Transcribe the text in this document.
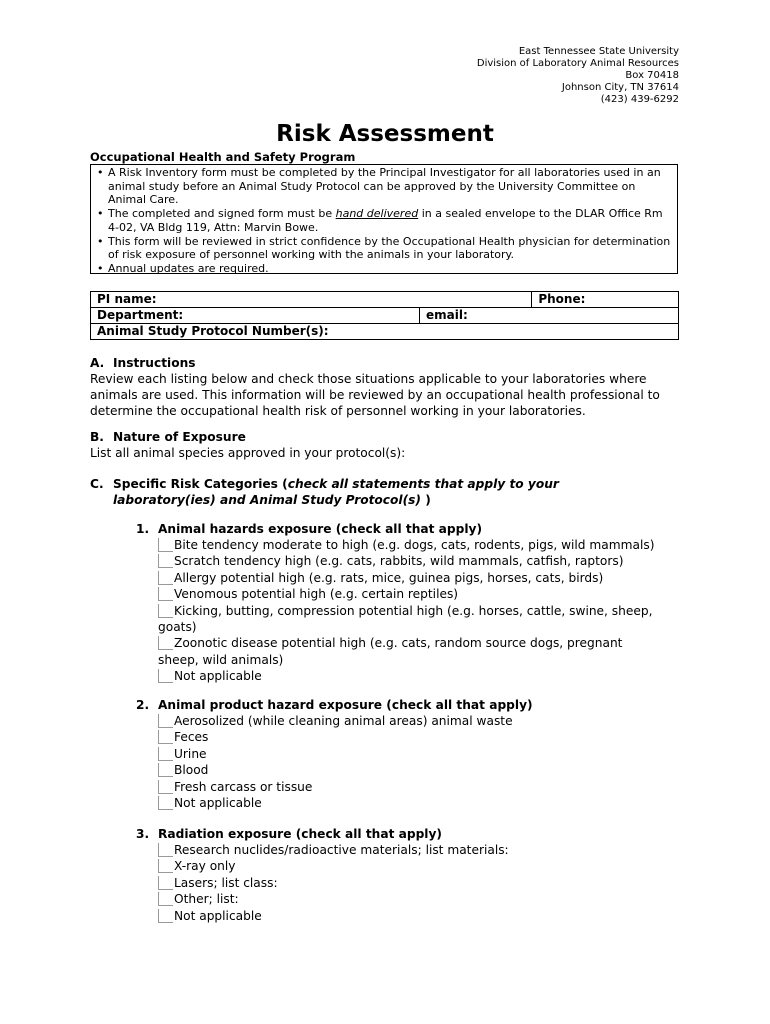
East Tennessee State University
Division of Laboratory Animal Resources
Box 70418
Johnson City, TN 37614
(423) 439-6292
Risk Assessment
Occupational Health and Safety Program
• A Risk Inventory form must be completed by the Principal Investigator for all laboratories used in an animal study before an Animal Study Protocol can be approved by the University Committee on Animal Care.
• The completed and signed form must be hand delivered in a sealed envelope to the DLAR Office Rm 4-02, VA Bldg 119, Attn: Marvin Bowe.
• This form will be reviewed in strict confidence by the Occupational Health physician for determination of risk exposure of personnel working with the animals in your laboratory.
• Annual updates are required.
PI name:		Phone:
Department:	email:	
Animal Study Protocol Number(s):		
A. Instructions
Review each listing below and check those situations applicable to your laboratories where animals are used. This information will be reviewed by an occupational health professional to determine the occupational health risk of personnel working in your laboratories.
B. Nature of Exposure
List all animal species approved in your protocol(s):
C. Specific Risk Categories (check all statements that apply to your laboratory(ies) and Animal Study Protocol(s) )
1. Animal hazards exposure (check all that apply)
Bite tendency moderate to high (e.g. dogs, cats, rodents, pigs, wild mammals)
Scratch tendency high (e.g. cats, rabbits, wild mammals, catfish, raptors)
Allergy potential high (e.g. rats, mice, guinea pigs, horses, cats, birds)
Venomous potential high (e.g. certain reptiles)
Kicking, butting, compression potential high (e.g. horses, cattle, swine, sheep, goats)
Zoonotic disease potential high (e.g. cats, random source dogs, pregnant sheep, wild animals)
Not applicable
2. Animal product hazard exposure (check all that apply)
Aerosolized (while cleaning animal areas) animal waste
Feces
Urine
Blood
Fresh carcass or tissue
Not applicable
3. Radiation exposure (check all that apply)
Research nuclides/radioactive materials; list materials:
X-ray only
Lasers; list class:
Other; list:
Not applicable
